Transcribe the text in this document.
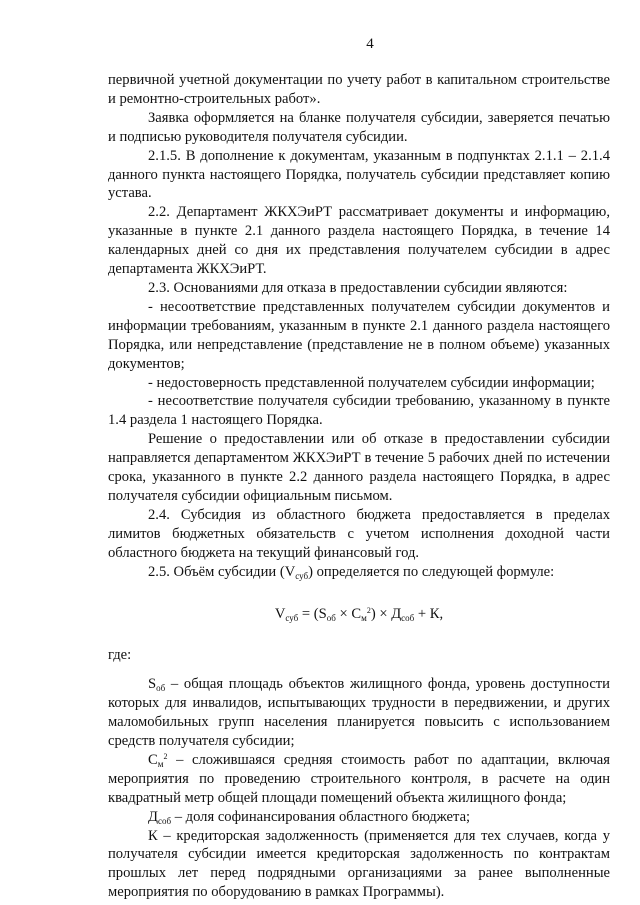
4

первичной учетной документации по учету работ в капитальном строительстве и ремонтно-строительных работ».

Заявка оформляется на бланке получателя субсидии, заверяется печатью и подписью руководителя получателя субсидии.

2.1.5. В дополнение к документам, указанным в подпунктах 2.1.1 – 2.1.4 данного пункта настоящего Порядка, получатель субсидии представляет копию устава.

2.2. Департамент ЖКХЭиРТ рассматривает документы и информацию, указанные в пункте 2.1 данного раздела настоящего Порядка, в течение 14 календарных дней со дня их представления получателем субсидии в адрес департамента ЖКХЭиРТ.

2.3. Основаниями для отказа в предоставлении субсидии являются:

- несоответствие представленных получателем субсидии документов и информации требованиям, указанным в пункте 2.1 данного раздела настоящего Порядка, или непредставление (представление не в полном объеме) указанных документов;

- недостоверность представленной получателем субсидии информации;

- несоответствие получателя субсидии требованию, указанному в пункте 1.4 раздела 1 настоящего Порядка.

Решение о предоставлении или об отказе в предоставлении субсидии направляется департаментом ЖКХЭиРТ в течение 5 рабочих дней по истечении срока, указанного в пункте 2.2 данного раздела настоящего Порядка, в адрес получателя субсидии официальным письмом.

2.4. Субсидия из областного бюджета предоставляется в пределах лимитов бюджетных обязательств с учетом исполнения доходной части областного бюджета на текущий финансовый год.

2.5. Объём субсидии $(V_{суб})$ определяется по следующей формуле:

$V_{суб} = (S_{об} \times C_м^2) \times Д_{соб} + К$,

где:

$S_{об}$ – общая площадь объектов жилищного фонда, уровень доступности которых для инвалидов, испытывающих трудности в передвижении, и других маломобильных групп населения планируется повысить с использованием средств получателя субсидии;

$C_м^2$ – сложившаяся средняя стоимость работ по адаптации, включая мероприятия по проведению строительного контроля, в расчете на один квадратный метр общей площади помещений объекта жилищного фонда;

$Д_{соб}$ – доля софинансирования областного бюджета;

К – кредиторская задолженность (применяется для тех случаев, когда у получателя субсидии имеется кредиторская задолженность по контрактам прошлых лет перед подрядными организациями за ранее выполненные мероприятия по оборудованию в рамках Программы).
